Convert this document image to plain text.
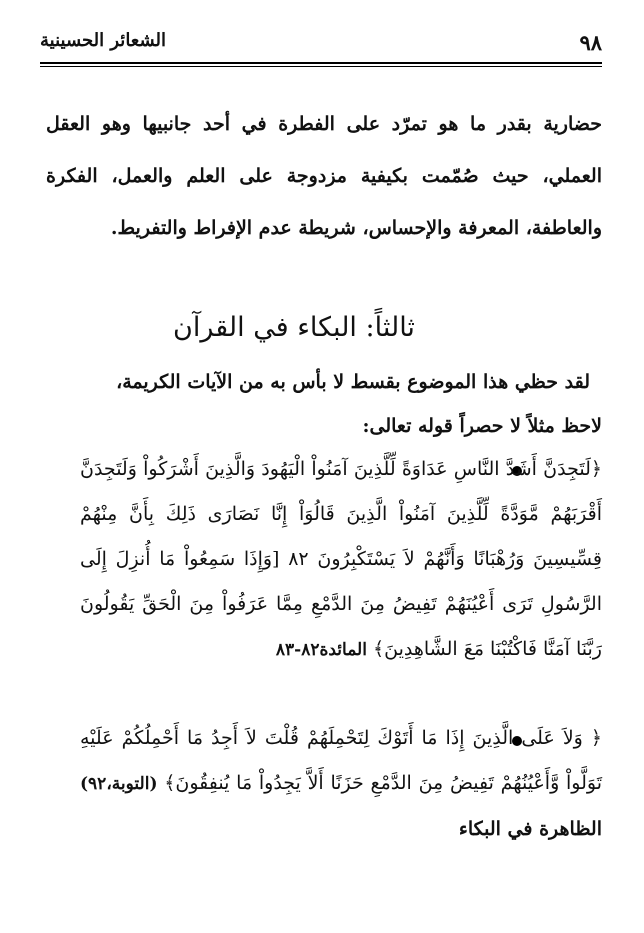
٩٨
الشعائر الحسينية

حضارية بقدر ما هو تمرّد على الفطرة في أحد جانبيها وهو العقل العملي، حيث صُمّمت بكيفية مزدوجة على العلم والعمل، الفكرة والعاطفة، المعرفة والإحساس، شريطة عدم الإفراط والتفريط.

ثالثاً: البكاء في القرآن

لقد حظي هذا الموضوع بقسط لا بأس به من الآيات الكريمة،

لاحظ مثلاً لا حصراً قوله تعالى:

﴿لَتَجِدَنَّ أَشَدَّ النَّاسِ عَدَاوَةً لِّلَّذِينَ آمَنُواْ الْيَهُودَ وَالَّذِينَ أَشْرَكُواْ وَلَتَجِدَنَّ أَقْرَبَهُمْ مَّوَدَّةً لِّلَّذِينَ آمَنُواْ الَّذِينَ قَالُوَاْ إِنَّا نَصَارَى ذَلِكَ بِأَنَّ مِنْهُمْ قِسِّيسِينَ وَرُهْبَانًا وَأَنَّهُمْ لاَ يَسْتَكْبِرُونَ ٨٢ [وَإِذَا سَمِعُواْ مَا أُنزِلَ إِلَى الرَّسُولِ تَرَى أَعْيُنَهُمْ تَفِيضُ مِنَ الدَّمْعِ مِمَّا عَرَفُواْ مِنَ الْحَقِّ يَقُولُونَ رَبَّنَا آمَنَّا فَاكْتُبْنَا مَعَ الشَّاهِدِينَ﴾ المائدة٨٢-٨٣
﴿ وَلاَ عَلَى الَّذِينَ إِذَا مَا أَتَوْكَ لِتَحْمِلَهُمْ قُلْتَ لاَ أَجِدُ مَا أَحْمِلُكُمْ عَلَيْهِ تَوَلَّواْ وَّأَعْيُنُهُمْ تَفِيضُ مِنَ الدَّمْعِ حَزَنًا أَلاَّ يَجِدُواْ مَا يُنفِقُونَ﴾ (التوبة،٩٢) الظاهرة في البكاء
